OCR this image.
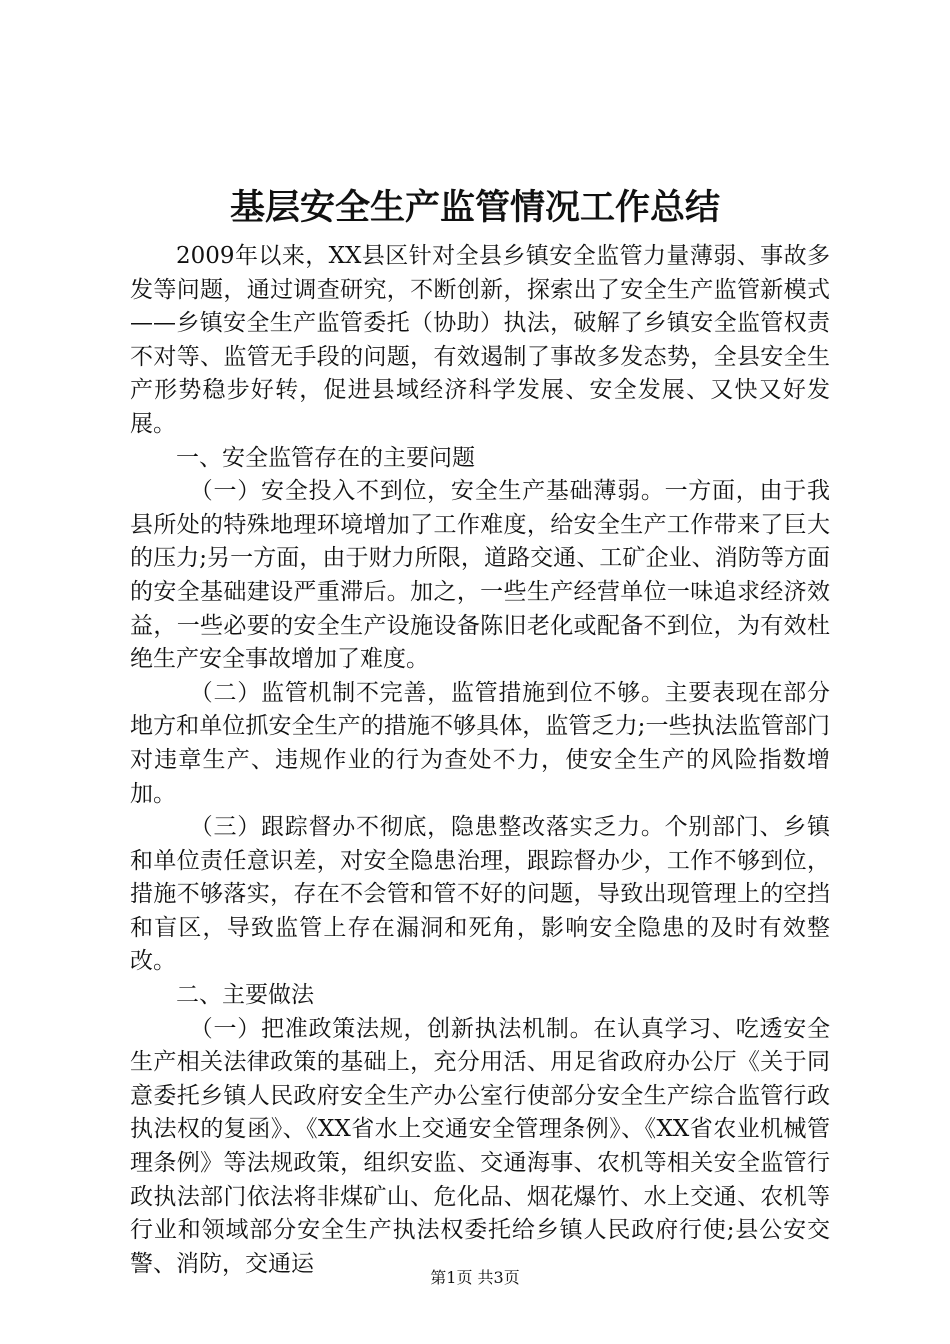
基层安全生产监管情况工作总结

2009年以来，XX县区针对全县乡镇安全监管力量薄弱、事故多发等问题，通过调查研究，不断创新，探索出了安全生产监管新模式——乡镇安全生产监管委托（协助）执法，破解了乡镇安全监管权责不对等、监管无手段的问题，有效遏制了事故多发态势，全县安全生产形势稳步好转，促进县域经济科学发展、安全发展、又快又好发展。

一、安全监管存在的主要问题

（一）安全投入不到位，安全生产基础薄弱。一方面，由于我县所处的特殊地理环境增加了工作难度，给安全生产工作带来了巨大的压力;另一方面，由于财力所限，道路交通、工矿企业、消防等方面的安全基础建设严重滞后。加之，一些生产经营单位一味追求经济效益，一些必要的安全生产设施设备陈旧老化或配备不到位，为有效杜绝生产安全事故增加了难度。

（二）监管机制不完善，监管措施到位不够。主要表现在部分地方和单位抓安全生产的措施不够具体，监管乏力;一些执法监管部门对违章生产、违规作业的行为查处不力，使安全生产的风险指数增加。

（三）跟踪督办不彻底，隐患整改落实乏力。个别部门、乡镇和单位责任意识差，对安全隐患治理，跟踪督办少，工作不够到位，措施不够落实，存在不会管和管不好的问题，导致出现管理上的空挡和盲区，导致监管上存在漏洞和死角，影响安全隐患的及时有效整改。

二、主要做法

（一）把准政策法规，创新执法机制。在认真学习、吃透安全生产相关法律政策的基础上，充分用活、用足省政府办公厅《关于同意委托乡镇人民政府安全生产办公室行使部分安全生产综合监管行政执法权的复函》、《XX省水上交通安全管理条例》、《XX省农业机械管理条例》等法规政策，组织安监、交通海事、农机等相关安全监管行政执法部门依法将非煤矿山、危化品、烟花爆竹、水上交通、农机等行业和领域部分安全生产执法权委托给乡镇人民政府行使;县公安交警、消防，交通运

第1页 共3页
